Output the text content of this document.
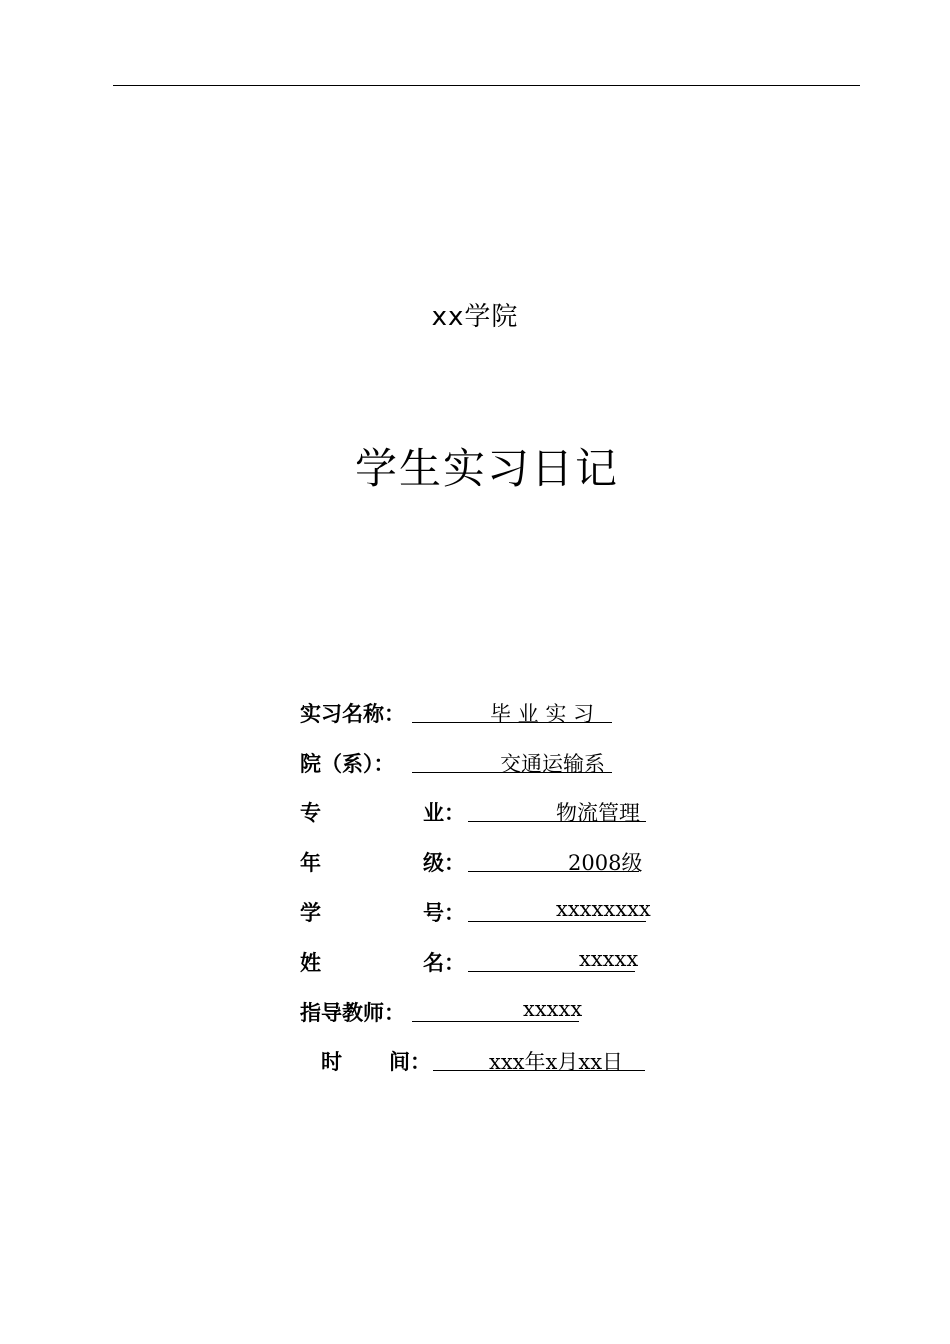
xx学院
学生实习日记
实习名称：	毕 业 实 习
院（系）：	交通运输系
专	业：	物流管理
年	级：	2008级
学	号：	xxxxxxxx
姓	名：	xxxxx
指导教师：	xxxxx
时 间：	xxx年x月xx日
